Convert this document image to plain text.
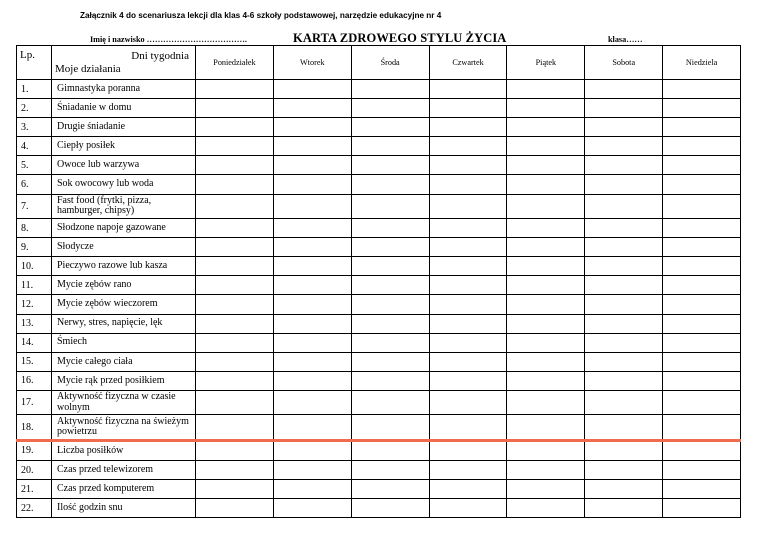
Załącznik 4 do scenariusza lekcji dla klas 4-6 szkoły podstawowej, narzędzie edukacyjne nr 4
Imię i nazwisko ……………………………….	KARTA ZDROWEGO STYLU ŻYCIA	klasa……
Lp.	Dni tygodnia
Moje działania	Poniedziałek	Wtorek	Środa	Czwartek	Piątek	Sobota	Niedziela
1.	Gimnastyka poranna							
2.	Śniadanie w domu							
3.	Drugie śniadanie							
4.	Ciepły posiłek							
5.	Owoce lub warzywa							
6.	Sok owocowy lub woda							
7.	Fast food (frytki, pizza, hamburger, chipsy)							
8.	Słodzone napoje gazowane							
9.	Słodycze							
10.	Pieczywo razowe lub kasza							
11.	Mycie zębów rano							
12.	Mycie zębów wieczorem							
13.	Nerwy, stres, napięcie, lęk							
14.	Śmiech							
15.	Mycie całego ciała							
16.	Mycie rąk przed posiłkiem							
17.	Aktywność fizyczna w czasie wolnym							
18.	Aktywność fizyczna na świeżym powietrzu							
19.	Liczba posiłków							
20.	Czas przed telewizorem							
21.	Czas przed komputerem							
22.	Ilość godzin snu							
